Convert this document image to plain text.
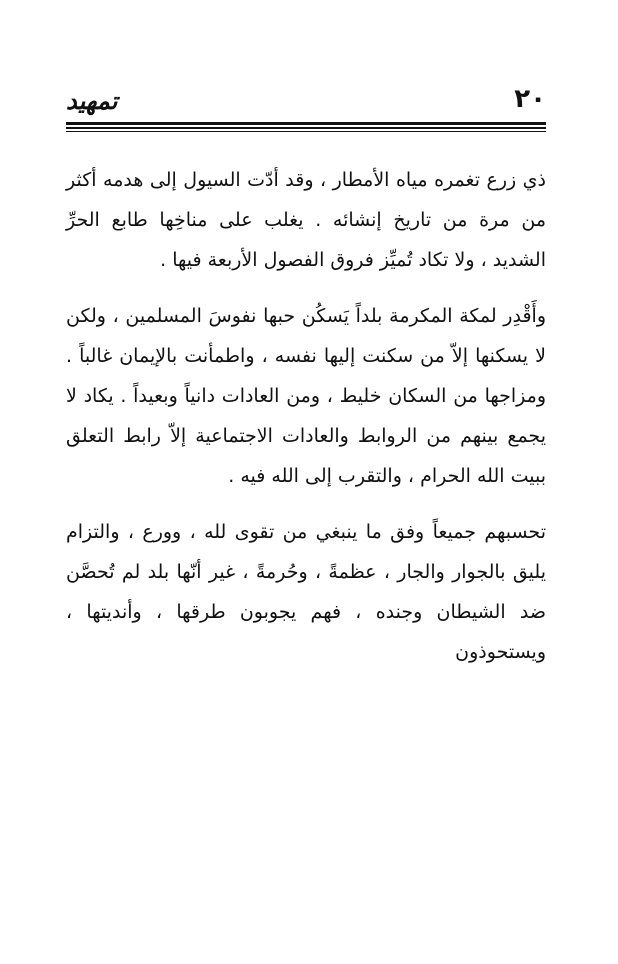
تمهيد	٢٠

ذي زرع تغمره مياه الأمطار ، وقد أدّت السيول إلى هدمه أكثر من مرة من تاريخ إنشائه . يغلب على مناخِها طابع الحرِّ الشديد ، ولا تكاد تُميِّز فروق الفصول الأربعة فيها .

وأَقْدِر لمكة المكرمة بلداً يَسكُن حبها نفوسَ المسلمين ، ولكن لا يسكنها إلاّ من سكنت إليها نفسه ، واطمأنت بالإيمان غالباً . ومزاجها من السكان خليط ، ومن العادات دانياً وبعيداً . يكاد لا يجمع بينهم من الروابط والعادات الاجتماعية إلاّ رابط التعلق ببيت الله الحرام ، والتقرب إلى الله فيه .

تحسبهم جميعاً وفق ما ينبغي من تقوى لله ، وورع ، والتزام يليق بالجوار والجار ، عظمةً ، وحُرمةً ، غير أنّها بلد لم تُحصَّن ضد الشيطان وجنده ، فهم يجوبون طرقها ، وأنديتها ، ويستحوذون
